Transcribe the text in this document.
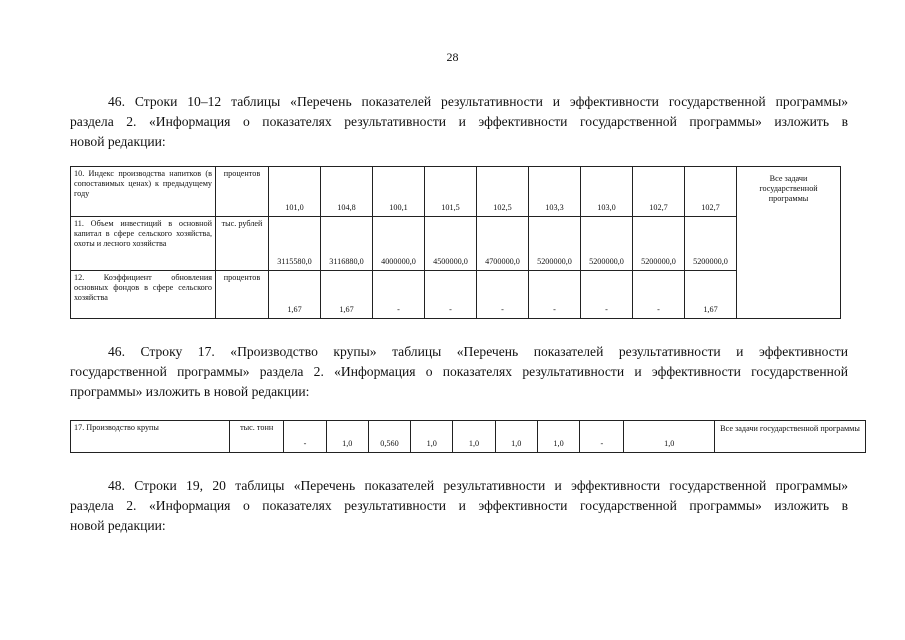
28
46. Строки 10–12 таблицы «Перечень показателей результативности и эффективности государственной программы»
раздела 2. «Информация о показателях результативности и эффективности государственной программы» изложить в
новой редакции:
10. Индекс производства напитков (в сопоставимых ценах) к предыдущему году	процентов	101,0	104,8	100,1	101,5	102,5	103,3	103,0	102,7	102,7	Все задачи государственной программы
11. Объем инвестиций в основной капитал в сфере сельского хозяйства, охоты и лесного хозяйства	тыс. рублей	3115580,0	3116880,0	4000000,0	4500000,0	4700000,0	5200000,0	5200000,0	5200000,0	5200000,0	
12. Коэффициент обновления основных фондов в сфере сельского хозяйства	процентов	1,67	1,67	-	-	-	-	-	-	1,67	
46. Строку 17. «Производство крупы» таблицы «Перечень показателей результативности и эффективности
государственной программы» раздела 2. «Информация о показателях результативности и эффективности государственной
программы» изложить в новой редакции:
17. Производство крупы	тыс. тонн	-	1,0	0,560	1,0	1,0	1,0	1,0	-	1,0	Все задачи государственной программы
48. Строки 19, 20 таблицы «Перечень показателей результативности и эффективности государственной программы»
раздела 2. «Информация о показателях результативности и эффективности государственной программы» изложить в
новой редакции:
